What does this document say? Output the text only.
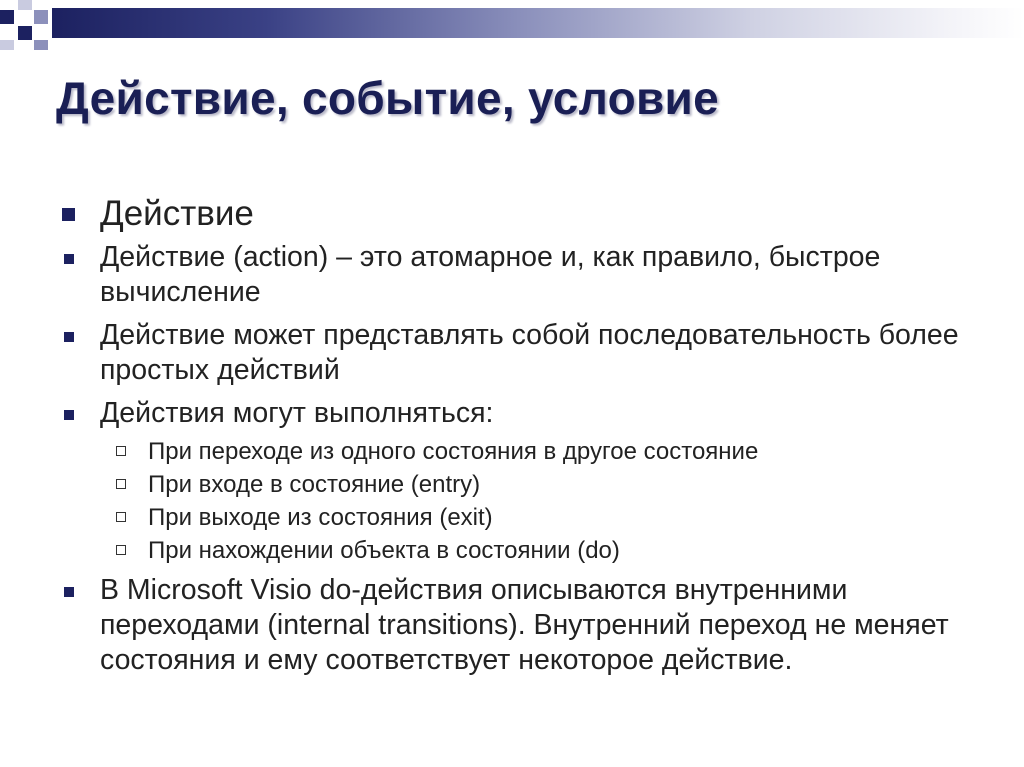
Действие, событие, условие

Действие

Действие (action) – это атомарное и, как правило, быстрое вычисление

Действие может представлять собой последовательность более простых действий

Действия могут выполняться:

При переходе из одного состояния в другое состояние

При входе в состояние (entry)

При выходе из состояния (exit)

При нахождении объекта в состоянии (do)

В Microsoft Visio do-действия описываются внутренними переходами (internal transitions). Внутренний переход не меняет состояния и ему соответствует некоторое действие.
